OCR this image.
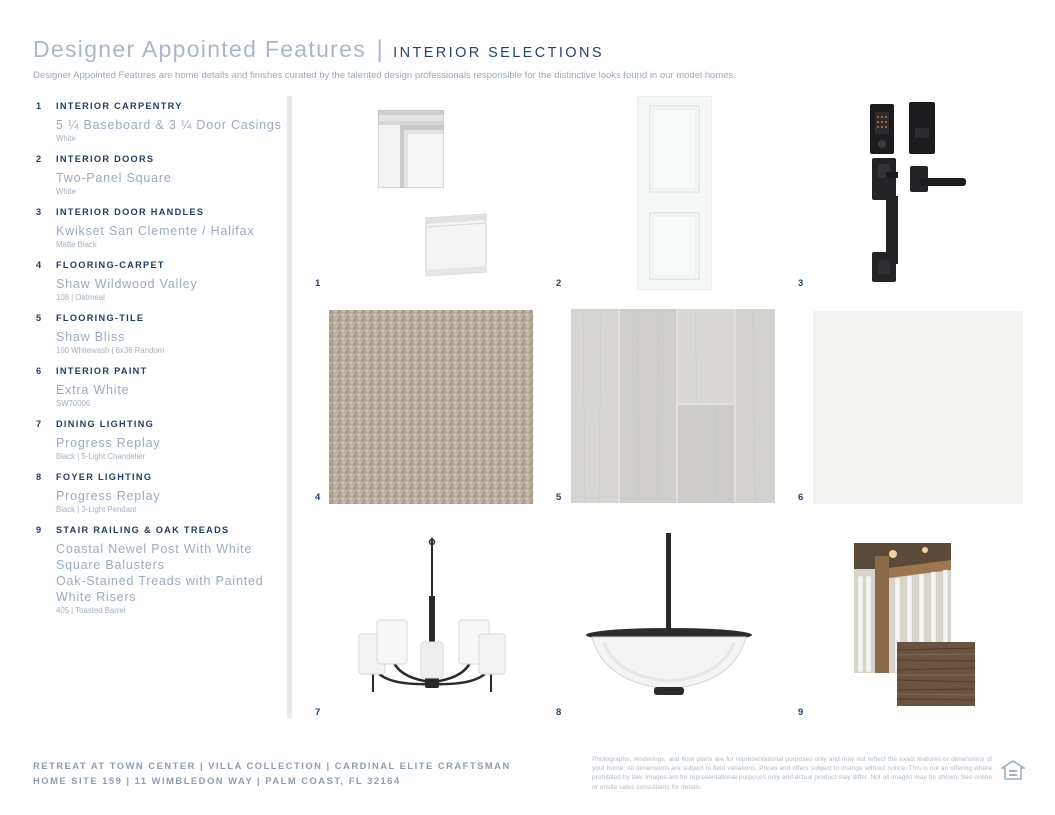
Designer Appointed Features | INTERIOR SELECTIONS
Designer Appointed Features are home details and finishes curated by the talented design professionals responsible for the distinctive looks found in our model homes.
1	INTERIOR CARPENTRY
5 ¼ Baseboard & 3 ¼ Door Casings
White
2	INTERIOR DOORS
Two-Panel Square
White
3	INTERIOR DOOR HANDLES
Kwikset San Clemente / Halifax
Matte Black
4	FLOORING-CARPET
Shaw Wildwood Valley
108 | Oatmeal
5	FLOORING-TILE
Shaw Bliss
100 Whitewash | 6x36 Random
6	INTERIOR PAINT
Extra White
SW70006
7	DINING LIGHTING
Progress Replay
Black | 5-Light Chandelier
8	FOYER LIGHTING
Progress Replay
Black | 3-Light Pendant
9	STAIR RAILING & OAK TREADS
Coastal Newel Post With White Square Balusters
Oak-Stained Treads with Painted White Risers
405 | Toasted Barrel
1	2	3
4	5	6
7	8	9
RETREAT AT TOWN CENTER | VILLA COLLECTION | CARDINAL ELITE CRAFTSMAN
HOME SITE 159 | 11 WIMBLEDON WAY | PALM COAST, FL 32164
Photographs, renderings, and floor plans are for representational purposes only and may not reflect the exact features or dimensions of your home. All dimensions are subject to field variations. Prices and offers subject to change without notice. This is not an offering where prohibited by law. Images are for representational purposes only and actual product may differ. Not all images may be shown. See online or onsite sales consultants for details.
